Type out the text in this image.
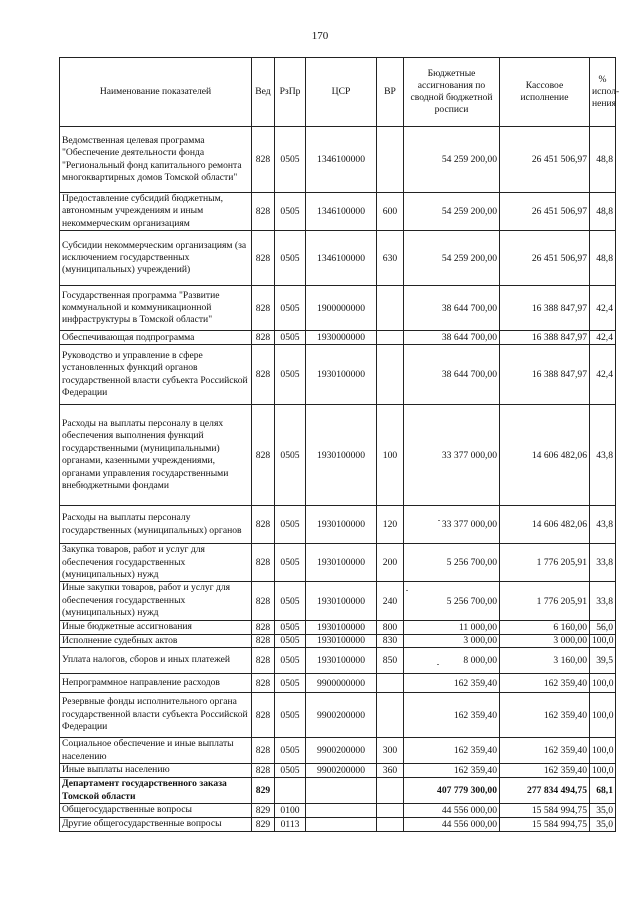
170
Наименование показателей	Вед	РзПр	ЦСР	ВР	Бюджетные ассигнования по сводной бюджетной росписи	Кассовое исполнение	% испол-нения
Ведомственная целевая программа "Обеспечение деятельности фонда "Региональный фонд капитального ремонта многоквартирных домов Томской области"	828	0505	1346100000		54 259 200,00	26 451 506,97	48,8
Предоставление субсидий бюджетным, автономным учреждениям и иным некоммерческим организациям	828	0505	1346100000	600	54 259 200,00	26 451 506,97	48,8
Субсидии некоммерческим организациям (за исключением государственных (муниципальных) учреждений)	828	0505	1346100000	630	54 259 200,00	26 451 506,97	48,8
Государственная программа "Развитие коммунальной и коммуникационной инфраструктуры в Томской области"	828	0505	1900000000		38 644 700,00	16 388 847,97	42,4
Обеспечивающая подпрограмма	828	0505	1930000000		38 644 700,00	16 388 847,97	42,4
Руководство и управление в сфере установленных функций органов государственной власти субъекта Российской Федерации	828	0505	1930100000		38 644 700,00	16 388 847,97	42,4
Расходы на выплаты персоналу в целях обеспечения выполнения функций государственными (муниципальными) органами, казенными учреждениями, органами управления государственными внебюджетными фондами	828	0505	1930100000	100	33 377 000,00	14 606 482,06	43,8
Расходы на выплаты персоналу государственных (муниципальных) органов	828	0505	1930100000	120	33 377 000,00	14 606 482,06	43,8
Закупка товаров, работ и услуг для обеспечения государственных (муниципальных) нужд	828	0505	1930100000	200	5 256 700,00	1 776 205,91	33,8
Иные закупки товаров, работ и услуг для обеспечения государственных (муниципальных) нужд	828	0505	1930100000	240	5 256 700,00	1 776 205,91	33,8
Иные бюджетные ассигнования	828	0505	1930100000	800	11 000,00	6 160,00	56,0
Исполнение судебных актов	828	0505	1930100000	830	3 000,00	3 000,00	100,0
Уплата налогов, сборов и иных платежей	828	0505	1930100000	850	8 000,00	3 160,00	39,5
Непрограммное направление расходов	828	0505	9900000000		162 359,40	162 359,40	100,0
Резервные фонды исполнительного органа государственной власти субъекта Российской Федерации	828	0505	9900200000		162 359,40	162 359,40	100,0
Социальное обеспечение и иные выплаты населению	828	0505	9900200000	300	162 359,40	162 359,40	100,0
Иные выплаты населению	828	0505	9900200000	360	162 359,40	162 359,40	100,0
Департамент государственного заказа Томской области	829				407 779 300,00	277 834 494,75	68,1
Общегосударственные вопросы	829	0100			44 556 000,00	15 584 994,75	35,0
Другие общегосударственные вопросы	829	0113			44 556 000,00	15 584 994,75	35,0
